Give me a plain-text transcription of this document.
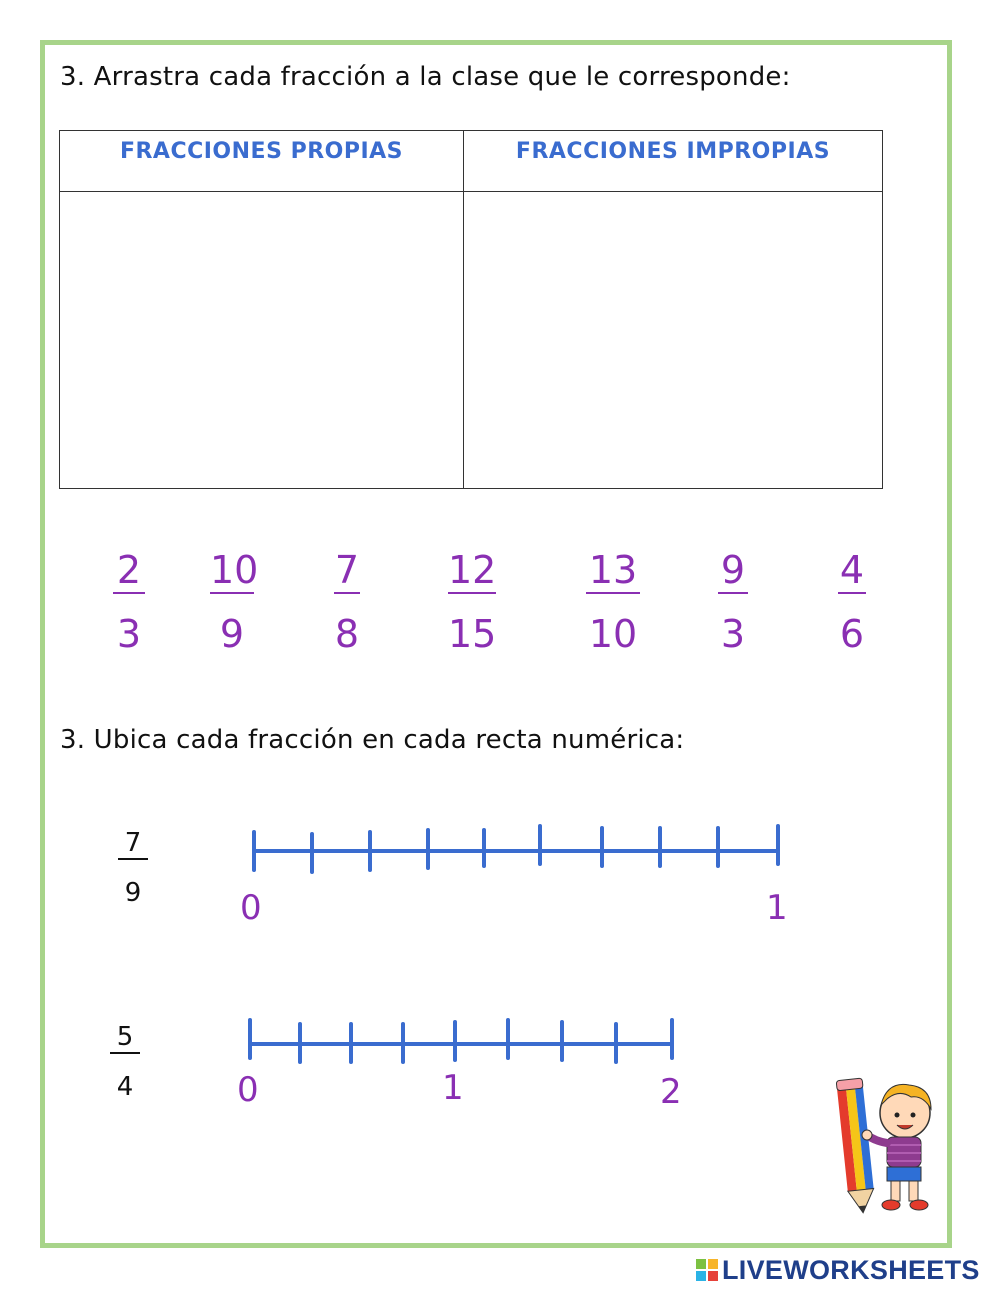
3. Arrastra cada fracción a la clase que le corresponde:
FRACCIONES PROPIAS	FRACCIONES IMPROPIAS
$\frac{2}{3} \frac{10}{9} \frac{7}{8} \frac{12}{15} \frac{13}{10} \frac{9}{3} \frac{4}{6}$
3. Ubica cada fracción en cada recta numérica:
$\frac{7}{9}$
$\frac{5}{4}$
0	1
0	1	2
LIVEWORKSHEETS
